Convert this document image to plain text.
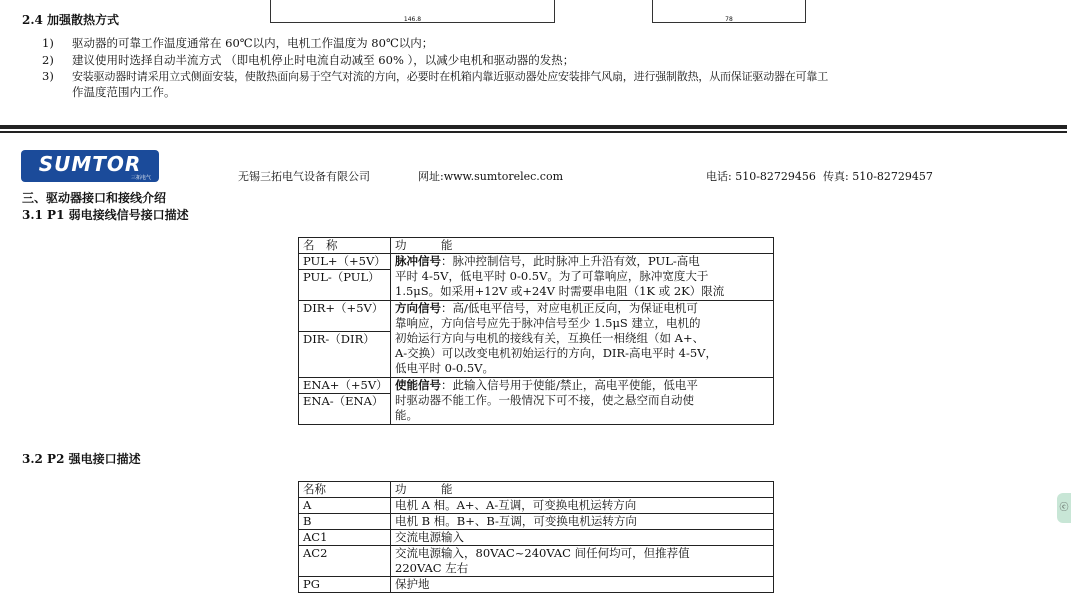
146.8	78
2.4 加强散热方式
1) 驱动器的可靠工作温度通常在 60℃以内，电机工作温度为 80℃以内；
2) 建议使用时选择自动半流方式 （即电机停止时电流自动减至 60% ），以减少电机和驱动器的发热；
3) 安装驱动器时请采用立式侧面安装，使散热面向易于空气对流的方向，必要时在机箱内靠近驱动器处应安装排气风扇，进行强制散热，从而保证驱动器在可靠工
作温度范围内工作。
SUMTOR
三拓电气	无锡三拓电气设备有限公司	网址:www.sumtorelec.com	电话: 510-82729456 传真: 510-82729457
三、驱动器接口和接线介绍
3.1 P1 弱电接线信号接口描述
名　称	功　　　能
PUL+（+5V）	脉冲信号：脉冲控制信号，此时脉冲上升沿有效，PUL-高电
平时 4-5V，低电平时 0-0.5V。为了可靠响应，脉冲宽度大于
1.5μS。如采用+12V 或+24V 时需要串电阻（1K 或 2K）限流
PUL-（PUL）	
DIR+（+5V）	方向信号：高/低电平信号，对应电机正反向，为保证电机可
靠响应，方向信号应先于脉冲信号至少 1.5μS 建立，电机的
初始运行方向与电机的接线有关，互换任一相绕组（如 A+、
A-交换）可以改变电机初始运行的方向，DIR-高电平时 4-5V，
低电平时 0-0.5V。
DIR-（DIR）	
ENA+（+5V）	使能信号：此输入信号用于使能/禁止，高电平使能，低电平
时驱动器不能工作。一般情况下可不接，使之悬空而自动使
能。
ENA-（ENA）	
3.2 P2 强电接口描述
名称	功　　　能
A	电机 A 相。A+、A-互调，可变换电机运转方向
B	电机 B 相。B+、B-互调，可变换电机运转方向
AC1	交流电源输入
AC2	交流电源输入，80VAC~240VAC 间任何均可，但推荐值
220VAC 左右
PG	保护地
ⓒ
